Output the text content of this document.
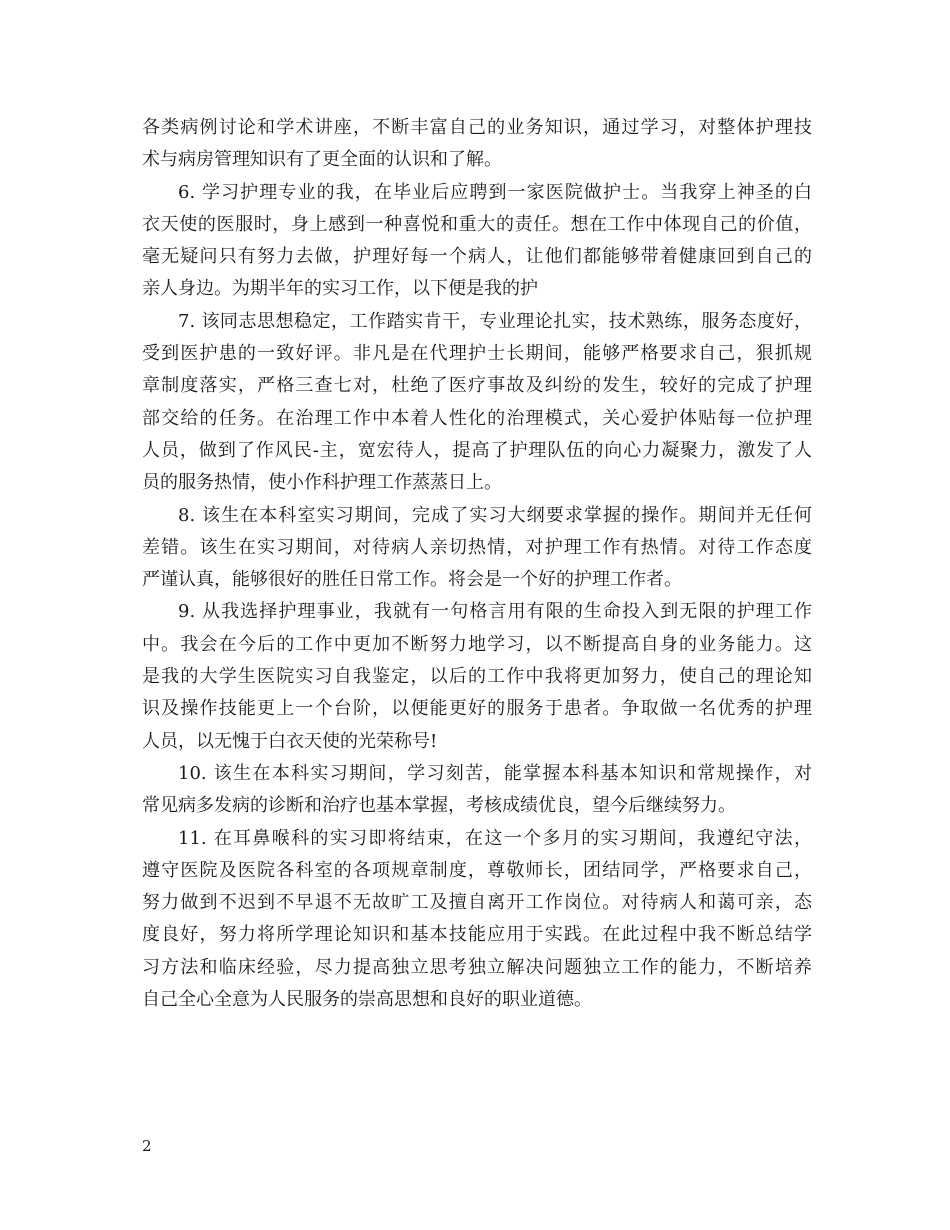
各类病例讨论和学术讲座，不断丰富自己的业务知识，通过学习，对整体护理技
术与病房管理知识有了更全面的认识和了解。
6. 学习护理专业的我，在毕业后应聘到一家医院做护士。当我穿上神圣的白
衣天使的医服时，身上感到一种喜悦和重大的责任。想在工作中体现自己的价值，
毫无疑问只有努力去做，护理好每一个病人，让他们都能够带着健康回到自己的
亲人身边。为期半年的实习工作，以下便是我的护
7. 该同志思想稳定，工作踏实肯干，专业理论扎实，技术熟练，服务态度好，
受到医护患的一致好评。非凡是在代理护士长期间，能够严格要求自己，狠抓规
章制度落实，严格三查七对，杜绝了医疗事故及纠纷的发生，较好的完成了护理
部交给的任务。在治理工作中本着人性化的治理模式，关心爱护体贴每一位护理
人员，做到了作风民-主，宽宏待人，提高了护理队伍的向心力凝聚力，激发了人
员的服务热情，使小作科护理工作蒸蒸日上。
8. 该生在本科室实习期间，完成了实习大纲要求掌握的操作。期间并无任何
差错。该生在实习期间，对待病人亲切热情，对护理工作有热情。对待工作态度
严谨认真，能够很好的胜任日常工作。将会是一个好的护理工作者。
9. 从我选择护理事业，我就有一句格言用有限的生命投入到无限的护理工作
中。我会在今后的工作中更加不断努力地学习，以不断提高自身的业务能力。这
是我的大学生医院实习自我鉴定，以后的工作中我将更加努力，使自己的理论知
识及操作技能更上一个台阶，以便能更好的服务于患者。争取做一名优秀的护理
人员，以无愧于白衣天使的光荣称号!
10. 该生在本科实习期间，学习刻苦，能掌握本科基本知识和常规操作，对
常见病多发病的诊断和治疗也基本掌握，考核成绩优良，望今后继续努力。
11. 在耳鼻喉科的实习即将结束，在这一个多月的实习期间，我遵纪守法，
遵守医院及医院各科室的各项规章制度，尊敬师长，团结同学，严格要求自己，
努力做到不迟到不早退不无故旷工及擅自离开工作岗位。对待病人和蔼可亲，态
度良好，努力将所学理论知识和基本技能应用于实践。在此过程中我不断总结学
习方法和临床经验，尽力提高独立思考独立解决问题独立工作的能力，不断培养
自己全心全意为人民服务的崇高思想和良好的职业道德。
2
